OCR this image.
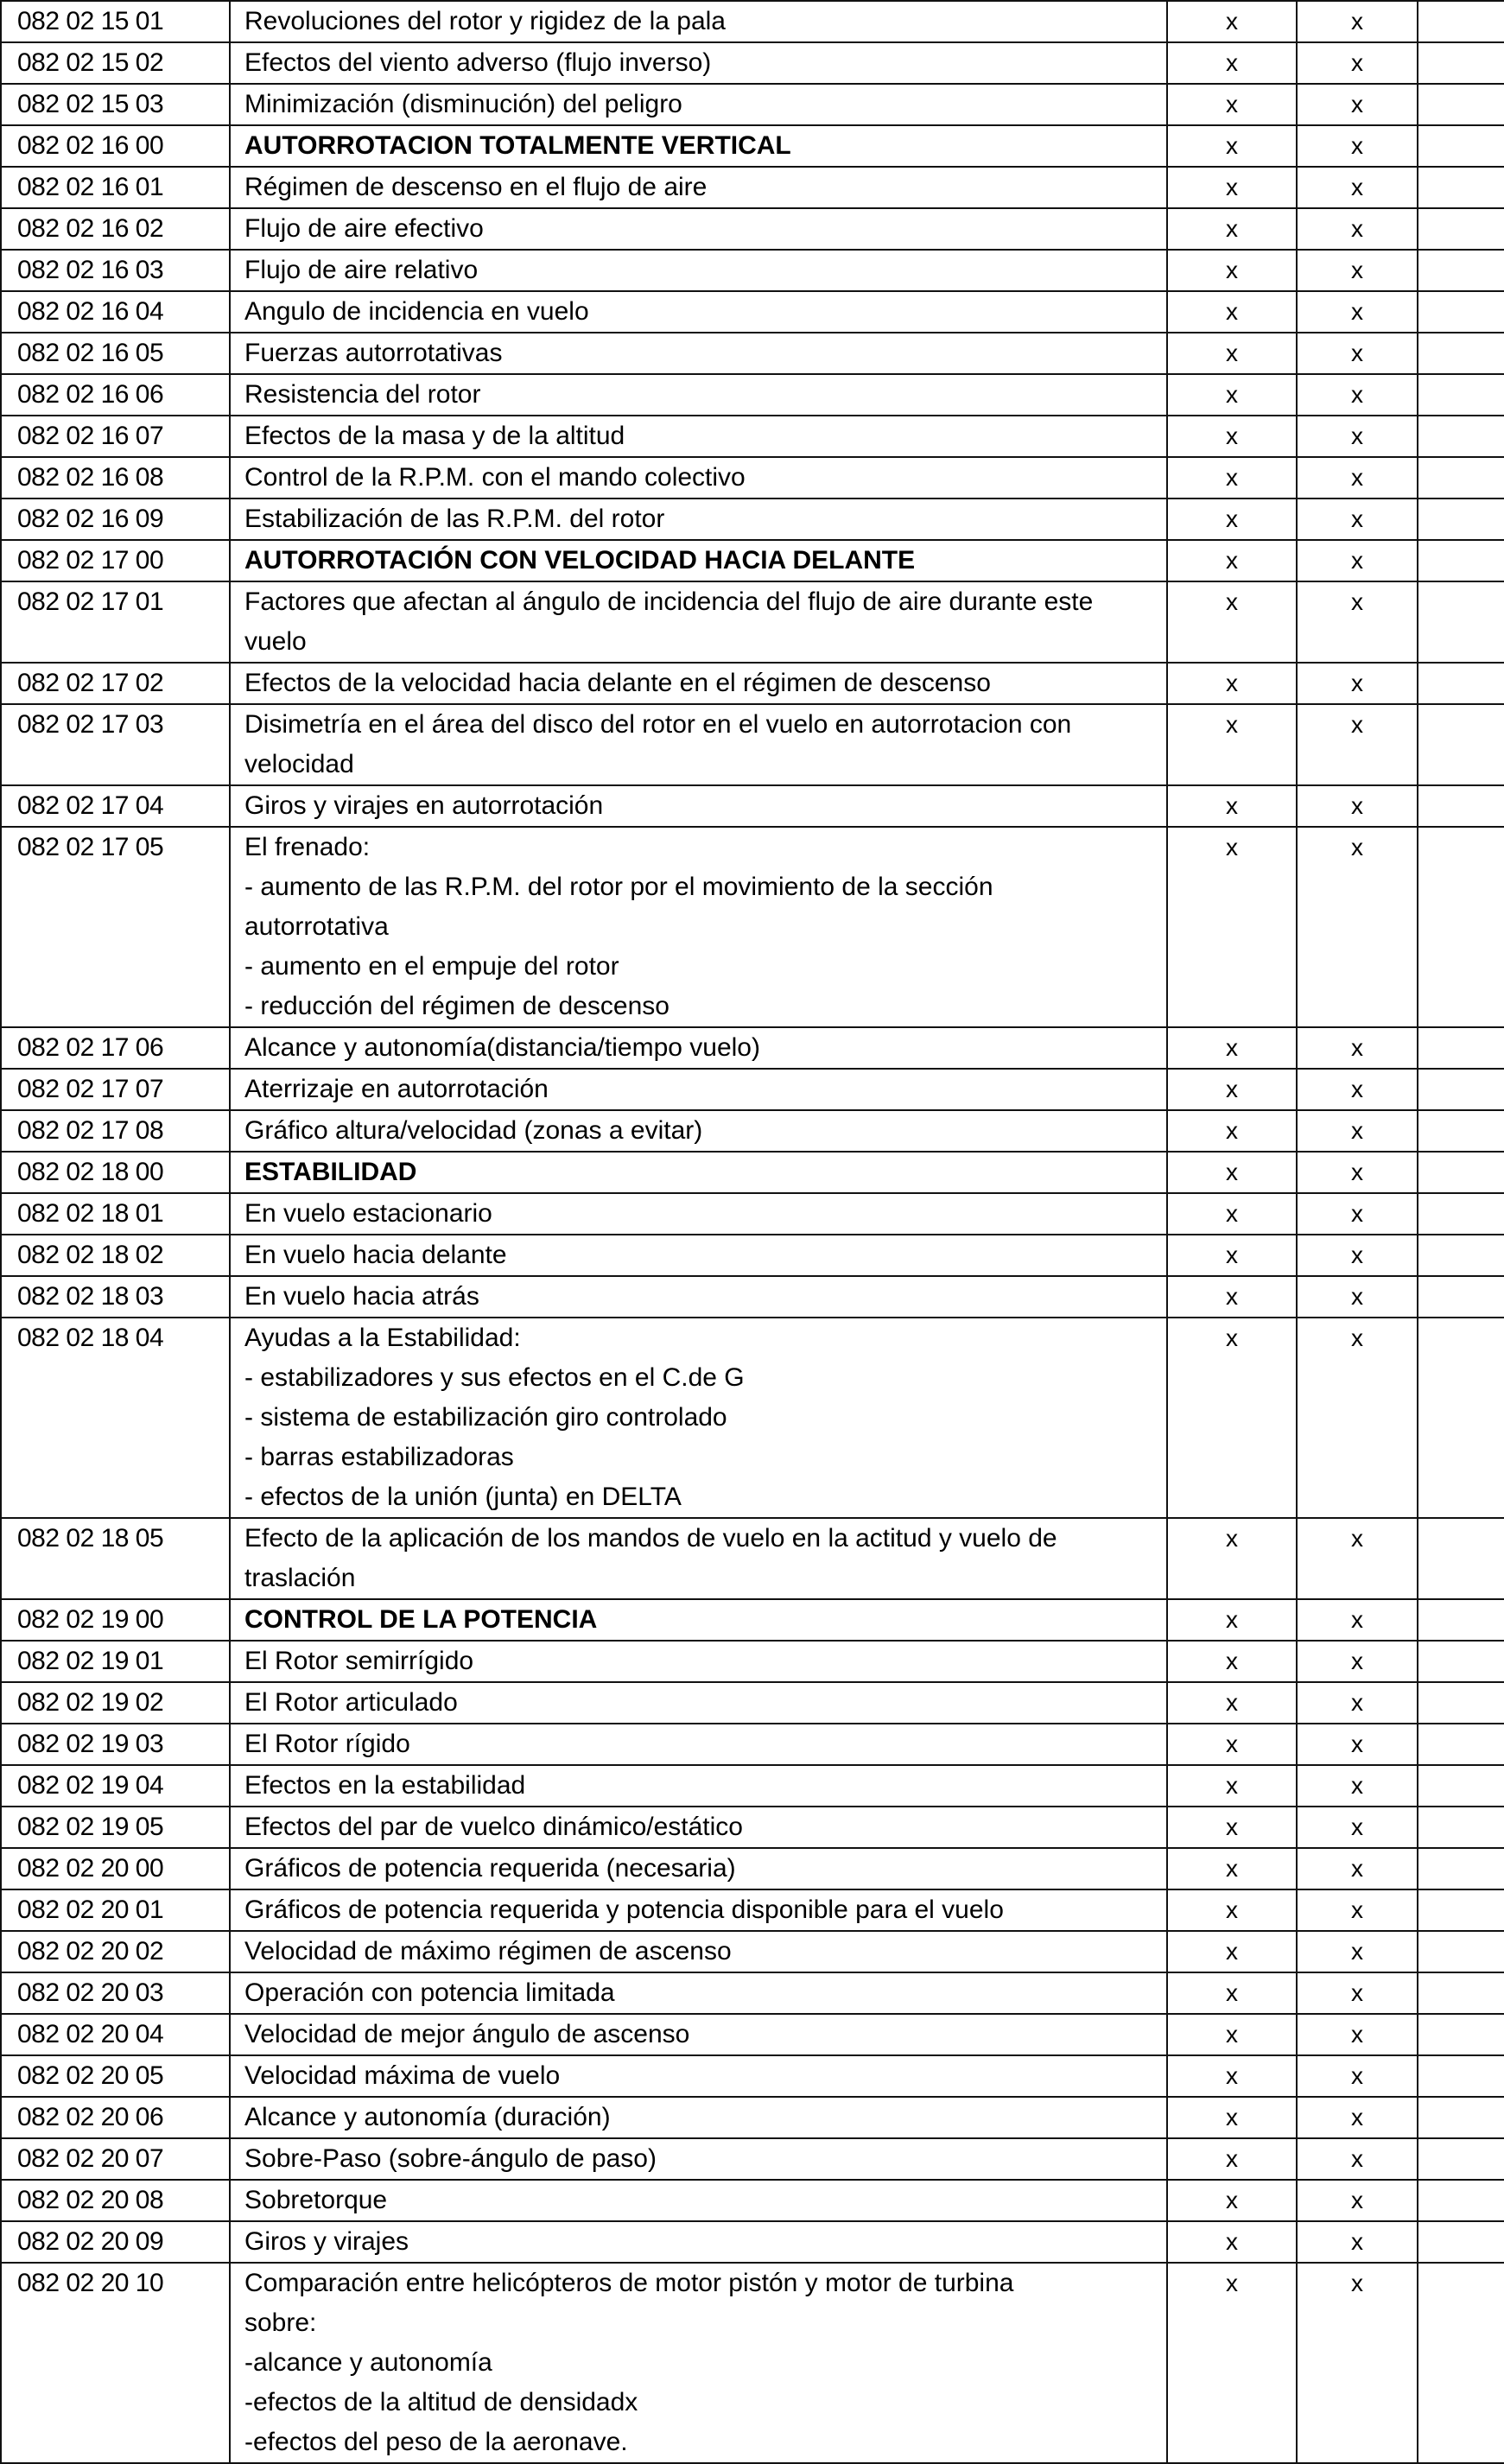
082 02 15 01	Revoluciones del rotor y rigidez de la pala	x	x	
082 02 15 02	Efectos del viento adverso (flujo inverso)	x	x	
082 02 15 03	Minimización (disminución) del peligro	x	x	
082 02 16 00	AUTORROTACION TOTALMENTE VERTICAL	x	x	
082 02 16 01	Régimen de descenso en el flujo de aire	x	x	
082 02 16 02	Flujo de aire efectivo	x	x	
082 02 16 03	Flujo de aire relativo	x	x	
082 02 16 04	Angulo de incidencia en vuelo	x	x	
082 02 16 05	Fuerzas autorrotativas	x	x	
082 02 16 06	Resistencia del rotor	x	x	
082 02 16 07	Efectos de la masa y de la altitud	x	x	
082 02 16 08	Control de la R.P.M. con el mando colectivo	x	x	
082 02 16 09	Estabilización de las R.P.M. del rotor	x	x	
082 02 17 00	AUTORROTACIÓN CON VELOCIDAD HACIA DELANTE	x	x	
082 02 17 01	Factores que afectan al ángulo de incidencia del flujo de aire durante este
vuelo	x	x	
082 02 17 02	Efectos de la velocidad hacia delante en el régimen de descenso	x	x	
082 02 17 03	Disimetría en el área del disco del rotor en el vuelo en autorrotacion con
velocidad	x	x	
082 02 17 04	Giros y virajes en autorrotación	x	x	
082 02 17 05	El frenado:
- aumento de las R.P.M. del rotor por el movimiento de la sección
autorrotativa
- aumento en el empuje del rotor
- reducción del régimen de descenso	x	x	
082 02 17 06	Alcance y autonomía(distancia/tiempo vuelo)	x	x	
082 02 17 07	Aterrizaje en autorrotación	x	x	
082 02 17 08	Gráfico altura/velocidad (zonas a evitar)	x	x	
082 02 18 00	ESTABILIDAD	x	x	
082 02 18 01	En vuelo estacionario	x	x	
082 02 18 02	En vuelo hacia delante	x	x	
082 02 18 03	En vuelo hacia atrás	x	x	
082 02 18 04	Ayudas a la Estabilidad:
- estabilizadores y sus efectos en el C.de G
- sistema de estabilización giro controlado
- barras estabilizadoras
- efectos de la unión (junta) en DELTA	x	x	
082 02 18 05	Efecto de la aplicación de los mandos de vuelo en la actitud y vuelo de
traslación	x	x	
082 02 19 00	CONTROL DE LA POTENCIA	x	x	
082 02 19 01	El Rotor semirrígido	x	x	
082 02 19 02	El Rotor articulado	x	x	
082 02 19 03	El Rotor rígido	x	x	
082 02 19 04	Efectos en la estabilidad	x	x	
082 02 19 05	Efectos del par de vuelco dinámico/estático	x	x	
082 02 20 00	Gráficos de potencia requerida (necesaria)	x	x	
082 02 20 01	Gráficos de potencia requerida y potencia disponible para el vuelo	x	x	
082 02 20 02	Velocidad de máximo régimen de ascenso	x	x	
082 02 20 03	Operación con potencia limitada	x	x	
082 02 20 04	Velocidad de mejor ángulo de ascenso	x	x	
082 02 20 05	Velocidad máxima de vuelo	x	x	
082 02 20 06	Alcance y autonomía (duración)	x	x	
082 02 20 07	Sobre-Paso (sobre-ángulo de paso)	x	x	
082 02 20 08	Sobretorque	x	x	
082 02 20 09	Giros y virajes	x	x	
082 02 20 10	Comparación entre helicópteros de motor pistón y motor de turbina
sobre:
-alcance y autonomía
-efectos de la altitud de densidadx
-efectos del peso de la aeronave.	x	x	
